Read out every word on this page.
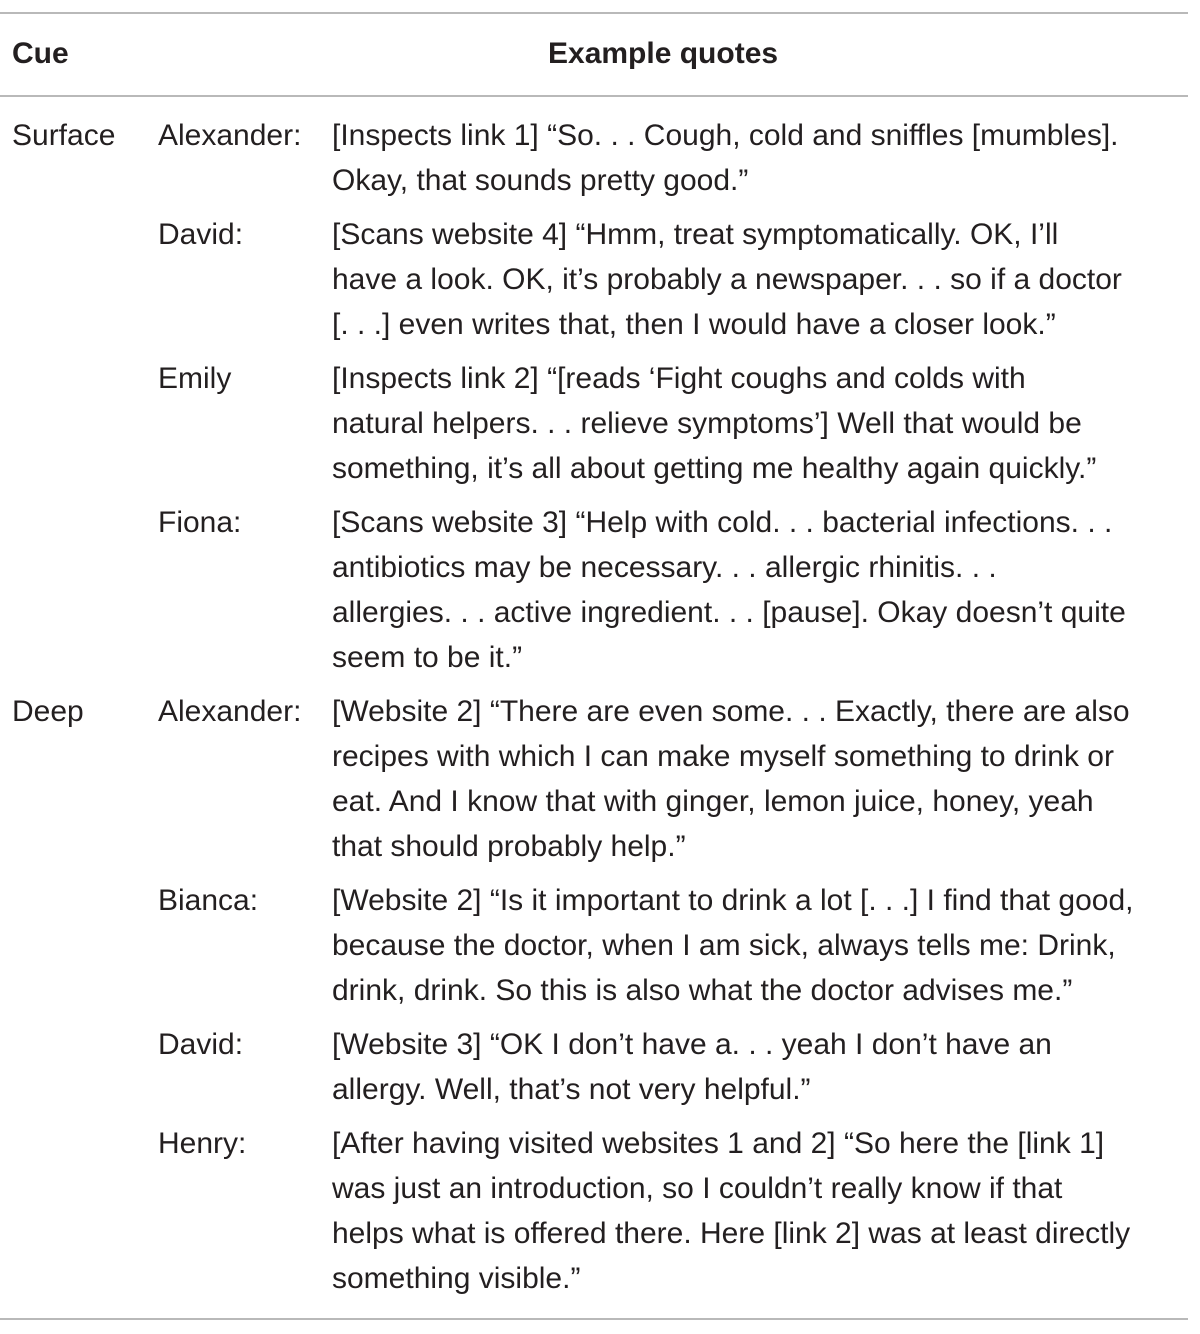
Cue	Example quotes
Surface Alexander: [Inspects link 1] “So. . . Cough, cold and sniffles [mumbles].
Okay, that sounds pretty good.”
David:	[Scans website 4] “Hmm, treat symptomatically. OK, I’ll
have a look. OK, it’s probably a newspaper. . . so if a doctor
[. . .] even writes that, then I would have a closer look.”
Emily	[Inspects link 2] “[reads ‘Fight coughs and colds with
natural helpers. . . relieve symptoms’] Well that would be
something, it’s all about getting me healthy again quickly.”
Fiona:	[Scans website 3] “Help with cold. . . bacterial infections. . .
antibiotics may be necessary. . . allergic rhinitis. . .
allergies. . . active ingredient. . . [pause]. Okay doesn’t quite
seem to be it.”
Deep Alexander: [Website 2] “There are even some. . . Exactly, there are also
recipes with which I can make myself something to drink or
eat. And I know that with ginger, lemon juice, honey, yeah
that should probably help.”
Bianca: [Website 2] “Is it important to drink a lot [. . .] I find that good,
because the doctor, when I am sick, always tells me: Drink,
drink, drink. So this is also what the doctor advises me.”
David:	[Website 3] “OK I don’t have a. . . yeah I don’t have an
allergy. Well, that’s not very helpful.”
Henry:	[After having visited websites 1 and 2] “So here the [link 1]
was just an introduction, so I couldn’t really know if that
helps what is offered there. Here [link 2] was at least directly
something visible.”
